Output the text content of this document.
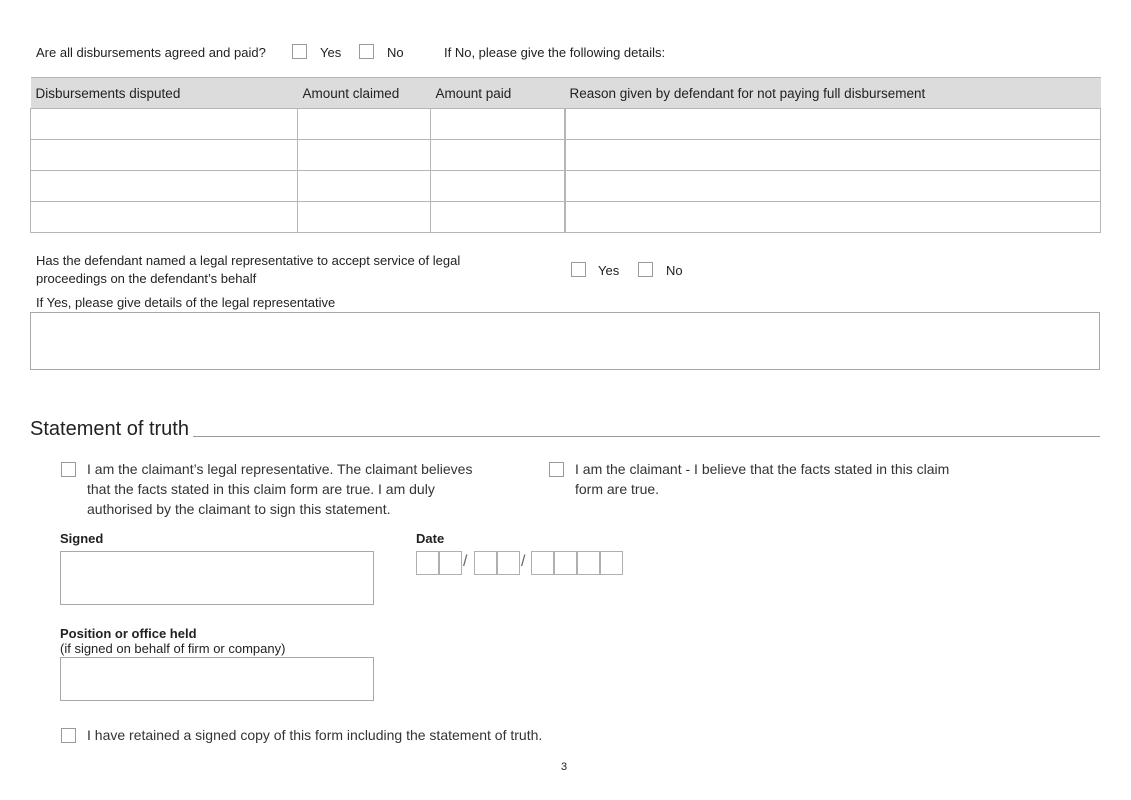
Are all disbursements agreed and paid?	Yes	No	If No, please give the following details:
Disbursements disputed	Amount claimed	Amount paid	Reason given by defendant for not paying full disbursement

Has the defendant named a legal representative to accept service of legal
proceedings on the defendant’s behalf
Yes	No
If Yes, please give details of the legal representative
Statement of truth
I am the claimant’s legal representative. The claimant believes
that the facts stated in this claim form are true. I am duly
authorised by the claimant to sign this statement.
I am the claimant - I believe that the facts stated in this claim
form are true.
Signed	Date
/	/
Position or office held
(if signed on behalf of firm or company)
I have retained a signed copy of this form including the statement of truth.
3
